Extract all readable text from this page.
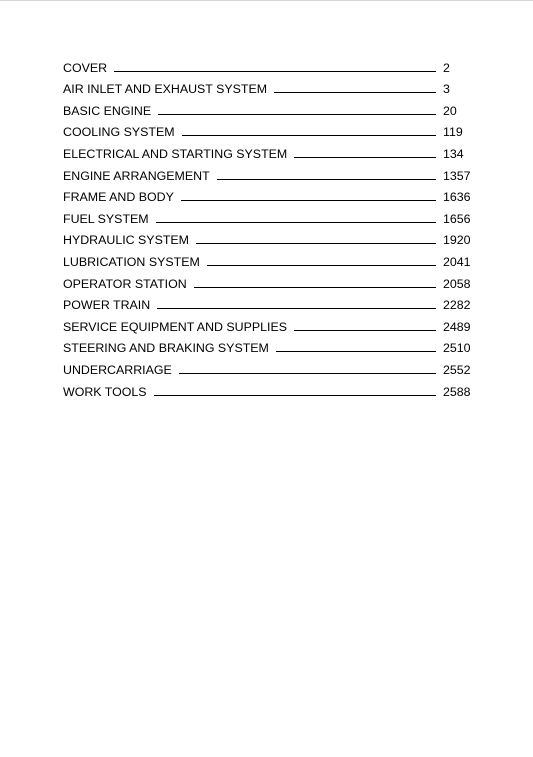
COVER	2
AIR INLET AND EXHAUST SYSTEM	3
BASIC ENGINE	20
COOLING SYSTEM	119
ELECTRICAL AND STARTING SYSTEM	134
ENGINE ARRANGEMENT	1357
FRAME AND BODY	1636
FUEL SYSTEM	1656
HYDRAULIC SYSTEM	1920
LUBRICATION SYSTEM	2041
OPERATOR STATION	2058
POWER TRAIN	2282
SERVICE EQUIPMENT AND SUPPLIES	2489
STEERING AND BRAKING SYSTEM	2510
UNDERCARRIAGE	2552
WORK TOOLS	2588
